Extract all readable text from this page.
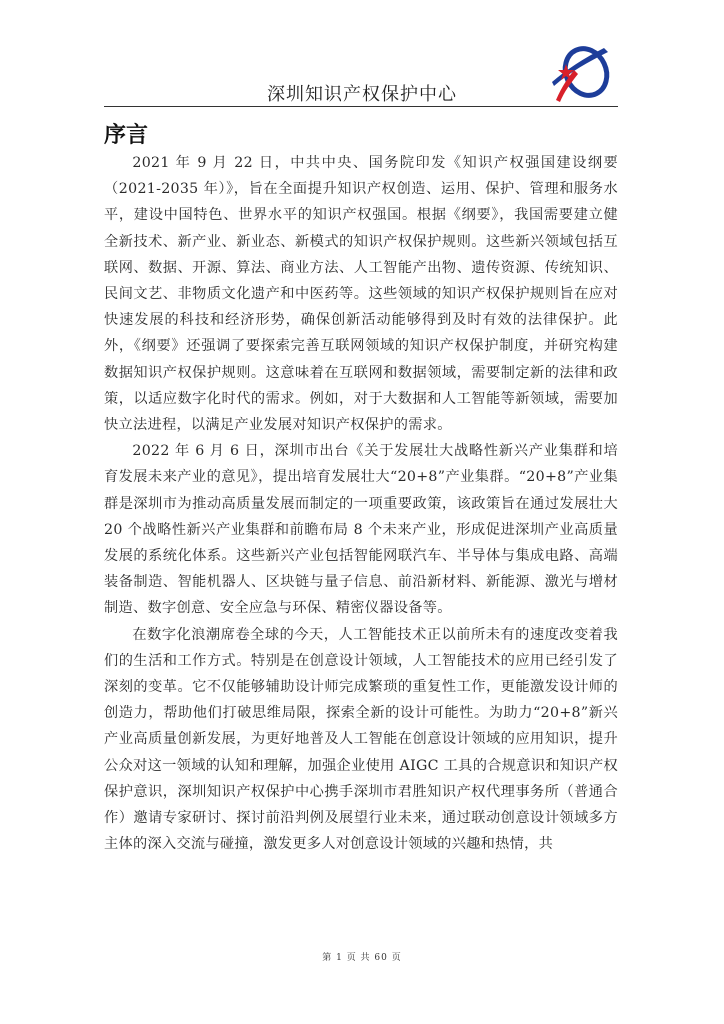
深圳知识产权保护中心
序言

2021 年 9 月 22 日，中共中央、国务院印发《知识产权强国建设纲要（2021-2035 年）》，旨在全面提升知识产权创造、运用、保护、管理和服务水平，建设中国特色、世界水平的知识产权强国。根据《纲要》，我国需要建立健全新技术、新产业、新业态、新模式的知识产权保护规则。这些新兴领域包括互联网、数据、开源、算法、商业方法、人工智能产出物、遗传资源、传统知识、民间文艺、非物质文化遗产和中医药等。这些领域的知识产权保护规则旨在应对快速发展的科技和经济形势，确保创新活动能够得到及时有效的法律保护。此外，《纲要》还强调了要探索完善互联网领域的知识产权保护制度，并研究构建数据知识产权保护规则。这意味着在互联网和数据领域，需要制定新的法律和政策，以适应数字化时代的需求。例如，对于大数据和人工智能等新领域，需要加快立法进程，以满足产业发展对知识产权保护的需求。

2022 年 6 月 6 日，深圳市出台《关于发展壮大战略性新兴产业集群和培育发展未来产业的意见》，提出培育发展壮大“20+8”产业集群。“20+8”产业集群是深圳市为推动高质量发展而制定的一项重要政策，该政策旨在通过发展壮大 20 个战略性新兴产业集群和前瞻布局 8 个未来产业，形成促进深圳产业高质量发展的系统化体系。这些新兴产业包括智能网联汽车、半导体与集成电路、高端装备制造、智能机器人、区块链与量子信息、前沿新材料、新能源、激光与增材制造、数字创意、安全应急与环保、精密仪器设备等。

在数字化浪潮席卷全球的今天，人工智能技术正以前所未有的速度改变着我们的生活和工作方式。特别是在创意设计领域，人工智能技术的应用已经引发了深刻的变革。它不仅能够辅助设计师完成繁琐的重复性工作，更能激发设计师的创造力，帮助他们打破思维局限，探索全新的设计可能性。为助力“20+8”新兴产业高质量创新发展，为更好地普及人工智能在创意设计领域的应用知识，提升公众对这一领域的认知和理解，加强企业使用 AIGC 工具的合规意识和知识产权保护意识，深圳知识产权保护中心携手深圳市君胜知识产权代理事务所（普通合作）邀请专家研讨、探讨前沿判例及展望行业未来，通过联动创意设计领域多方主体的深入交流与碰撞，激发更多人对创意设计领域的兴趣和热情，共

第 1 页 共 60 页
